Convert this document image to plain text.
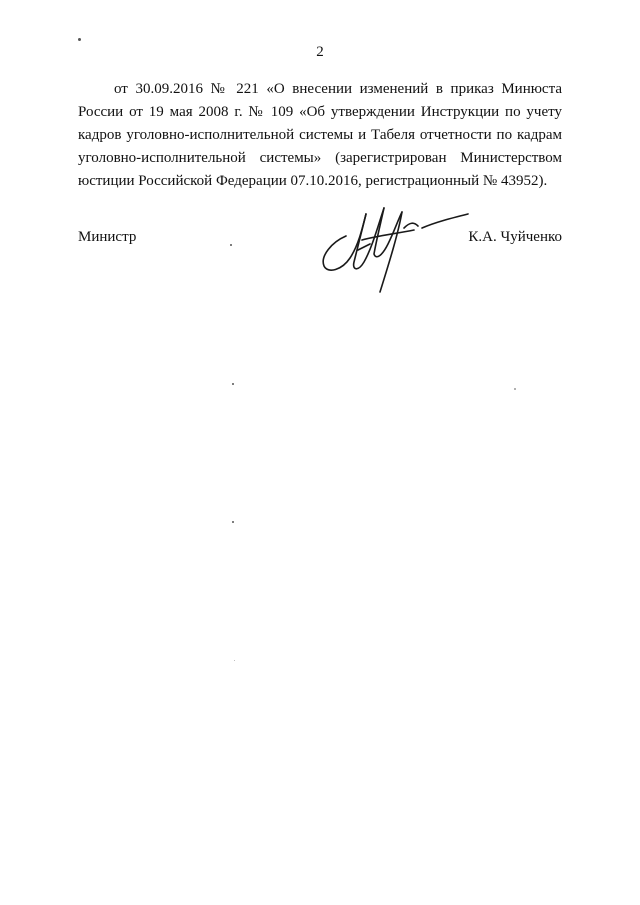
2
от 30.09.2016 № 221 «О внесении изменений в приказ Минюста
России от 19 мая 2008 г. № 109 «Об утверждении Инструкции по учету
кадров уголовно-исполнительной системы и Табеля отчетности по кадрам
уголовно-исполнительной системы» (зарегистрирован Министерством
юстиции Российской Федерации 07.10.2016, регистрационный № 43952).
Министр	К.А. Чуйченко
